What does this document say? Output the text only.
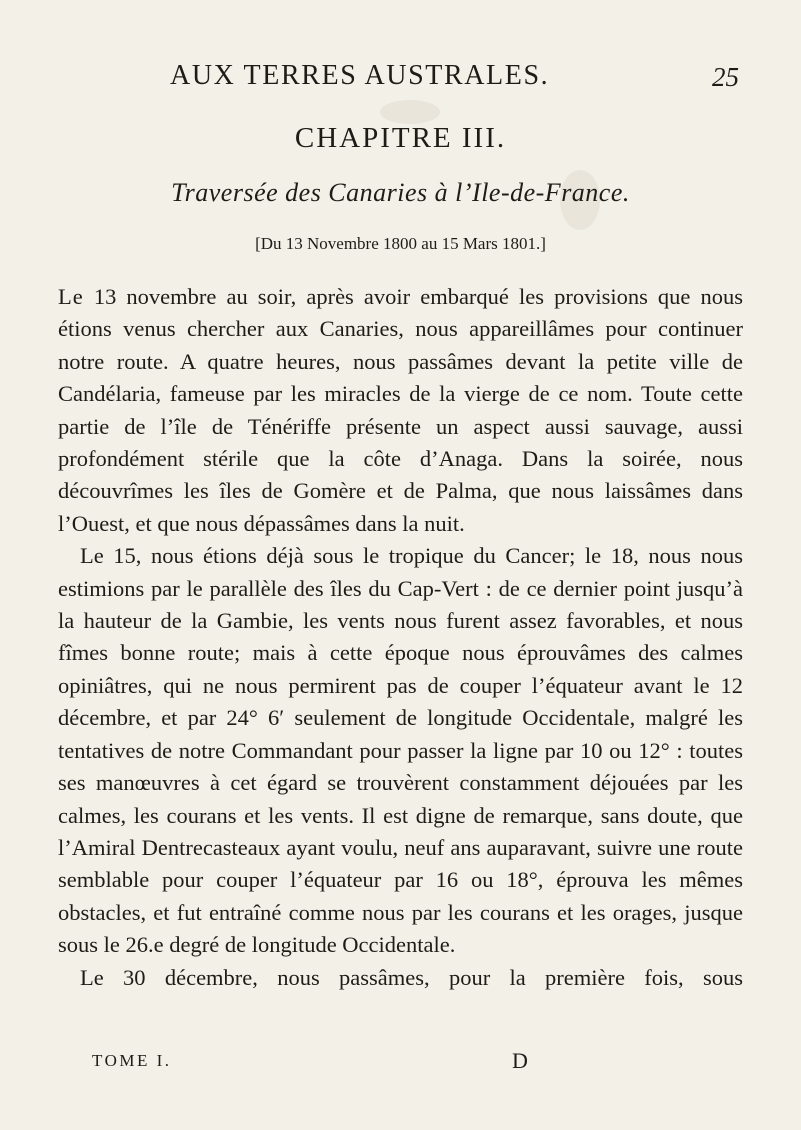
AUX TERRES AUSTRALES.	25
CHAPITRE III.
Traversée des Canaries à l’Ile-de-France.
[Du 13 Novembre 1800 au 15 Mars 1801.]

Le 13 novembre au soir, après avoir embarqué les provisions que nous étions venus chercher aux Canaries, nous appareillâmes pour continuer notre route. A quatre heures, nous passâmes devant la petite ville de Candélaria, fameuse par les miracles de la vierge de ce nom. Toute cette partie de l’île de Ténériffe présente un aspect aussi sauvage, aussi profondément stérile que la côte d’Anaga. Dans la soirée, nous découvrîmes les îles de Gomère et de Palma, que nous laissâmes dans l’Ouest, et que nous dépassâmes dans la nuit.

Le 15, nous étions déjà sous le tropique du Cancer; le 18, nous nous estimions par le parallèle des îles du Cap-Vert : de ce dernier point jusqu’à la hauteur de la Gambie, les vents nous furent assez favorables, et nous fîmes bonne route; mais à cette époque nous éprouvâmes des calmes opiniâtres, qui ne nous permirent pas de couper l’équateur avant le 12 décembre, et par 24° 6′ seulement de longitude Occidentale, malgré les tentatives de notre Commandant pour passer la ligne par 10 ou 12° : toutes ses manœuvres à cet égard se trouvèrent constamment déjouées par les calmes, les courans et les vents. Il est digne de remarque, sans doute, que l’Amiral Dentrecasteaux ayant voulu, neuf ans auparavant, suivre une route semblable pour couper l’équateur par 16 ou 18°, éprouva les mêmes obstacles, et fut entraîné comme nous par les courans et les orages, jusque sous le 26.e degré de longitude Occidentale.

Le 30 décembre, nous passâmes, pour la première fois, sous

TOME I.	D
